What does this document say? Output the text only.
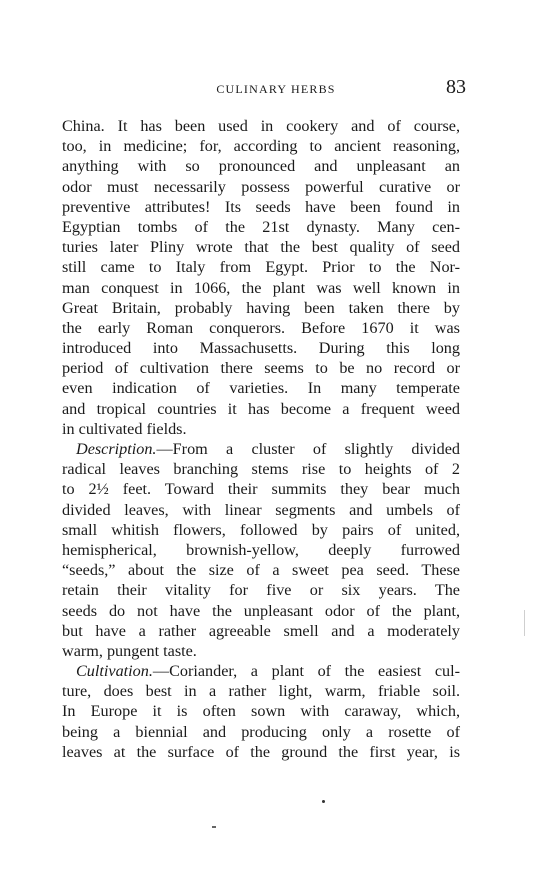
CULINARY HERBS	83
China. It has been used in cookery and of course,
too, in medicine; for, according to ancient reasoning,
anything with so pronounced and unpleasant an
odor must necessarily possess powerful curative or
preventive attributes! Its seeds have been found in
Egyptian tombs of the 21st dynasty. Many cen-
turies later Pliny wrote that the best quality of seed
still came to Italy from Egypt. Prior to the Nor-
man conquest in 1066, the plant was well known in
Great Britain, probably having been taken there by
the early Roman conquerors. Before 1670 it was
introduced into Massachusetts. During this long
period of cultivation there seems to be no record or
even indication of varieties. In many temperate
and tropical countries it has become a frequent weed
in cultivated fields.
Description.—From a cluster of slightly divided
radical leaves branching stems rise to heights of 2
to 2½ feet. Toward their summits they bear much
divided leaves, with linear segments and umbels of
small whitish flowers, followed by pairs of united,
hemispherical, brownish-yellow, deeply furrowed
“seeds,” about the size of a sweet pea seed. These
retain their vitality for five or six years. The
seeds do not have the unpleasant odor of the plant,
but have a rather agreeable smell and a moderately
warm, pungent taste.
Cultivation.—Coriander, a plant of the easiest cul-
ture, does best in a rather light, warm, friable soil.
In Europe it is often sown with caraway, which,
being a biennial and producing only a rosette of
leaves at the surface of the ground the first year, is
